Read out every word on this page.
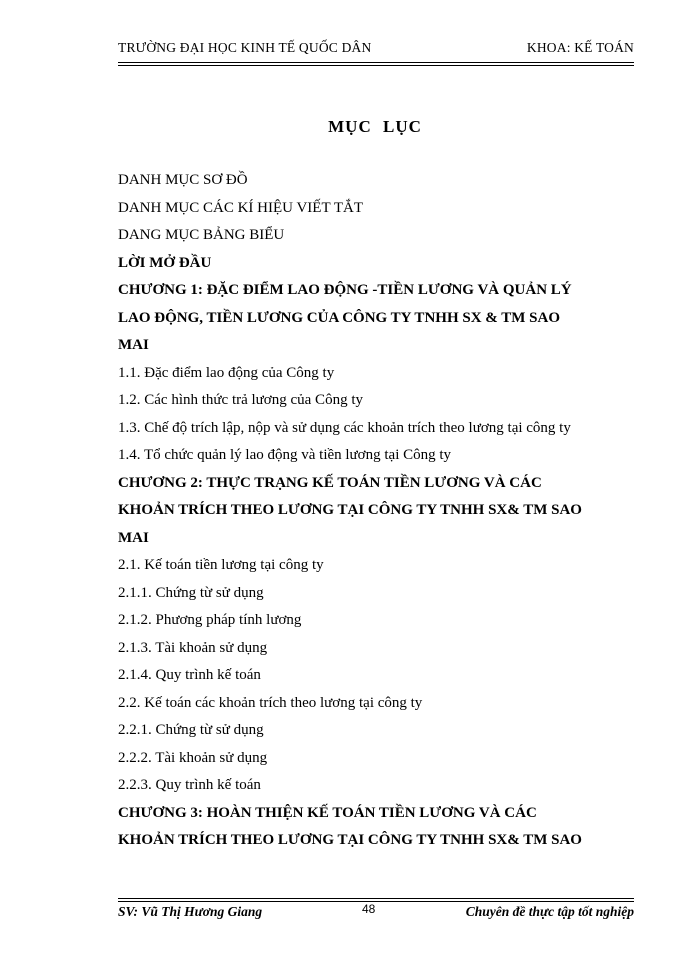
TRƯỜNG ĐẠI HỌC KINH TẾ QUỐC DÂN	KHOA: KẾ TOÁN
MỤC LỤC
DANH MỤC SƠ ĐỒ
DANH MỤC CÁC KÍ HIỆU VIẾT TẮT
DANG MỤC BẢNG BIỂU
LỜI MỞ ĐẦU
CHƯƠNG 1: ĐẶC ĐIỂM LAO ĐỘNG -TIỀN LƯƠNG VÀ QUẢN LÝ
LAO ĐỘNG, TIỀN LƯƠNG CỦA CÔNG TY TNHH SX & TM SAO
MAI
1.1. Đặc điểm lao động của Công ty
1.2. Các hình thức trả lương của Công ty
1.3. Chế độ trích lập, nộp và sử dụng các khoản trích theo lương tại công ty
1.4. Tổ chức quản lý lao động và tiền lương tại Công ty
CHƯƠNG 2: THỰC TRẠNG KẾ TOÁN TIỀN LƯƠNG VÀ CÁC
KHOẢN TRÍCH THEO LƯƠNG TẠI CÔNG TY TNHH SX& TM SAO
MAI
2.1. Kế toán tiền lương tại công ty
2.1.1. Chứng từ sử dụng
2.1.2. Phương pháp tính lương
2.1.3. Tài khoản sử dụng
2.1.4. Quy trình kế toán
2.2. Kế toán các khoản trích theo lương tại công ty
2.2.1. Chứng từ sử dụng
2.2.2. Tài khoản sử dụng
2.2.3. Quy trình kế toán
CHƯƠNG 3: HOÀN THIỆN KẾ TOÁN TIỀN LƯƠNG VÀ CÁC
KHOẢN TRÍCH THEO LƯƠNG TẠI CÔNG TY TNHH SX& TM SAO
SV: Vũ Thị Hương Giang	48	Chuyên đề thực tập tốt nghiệp
